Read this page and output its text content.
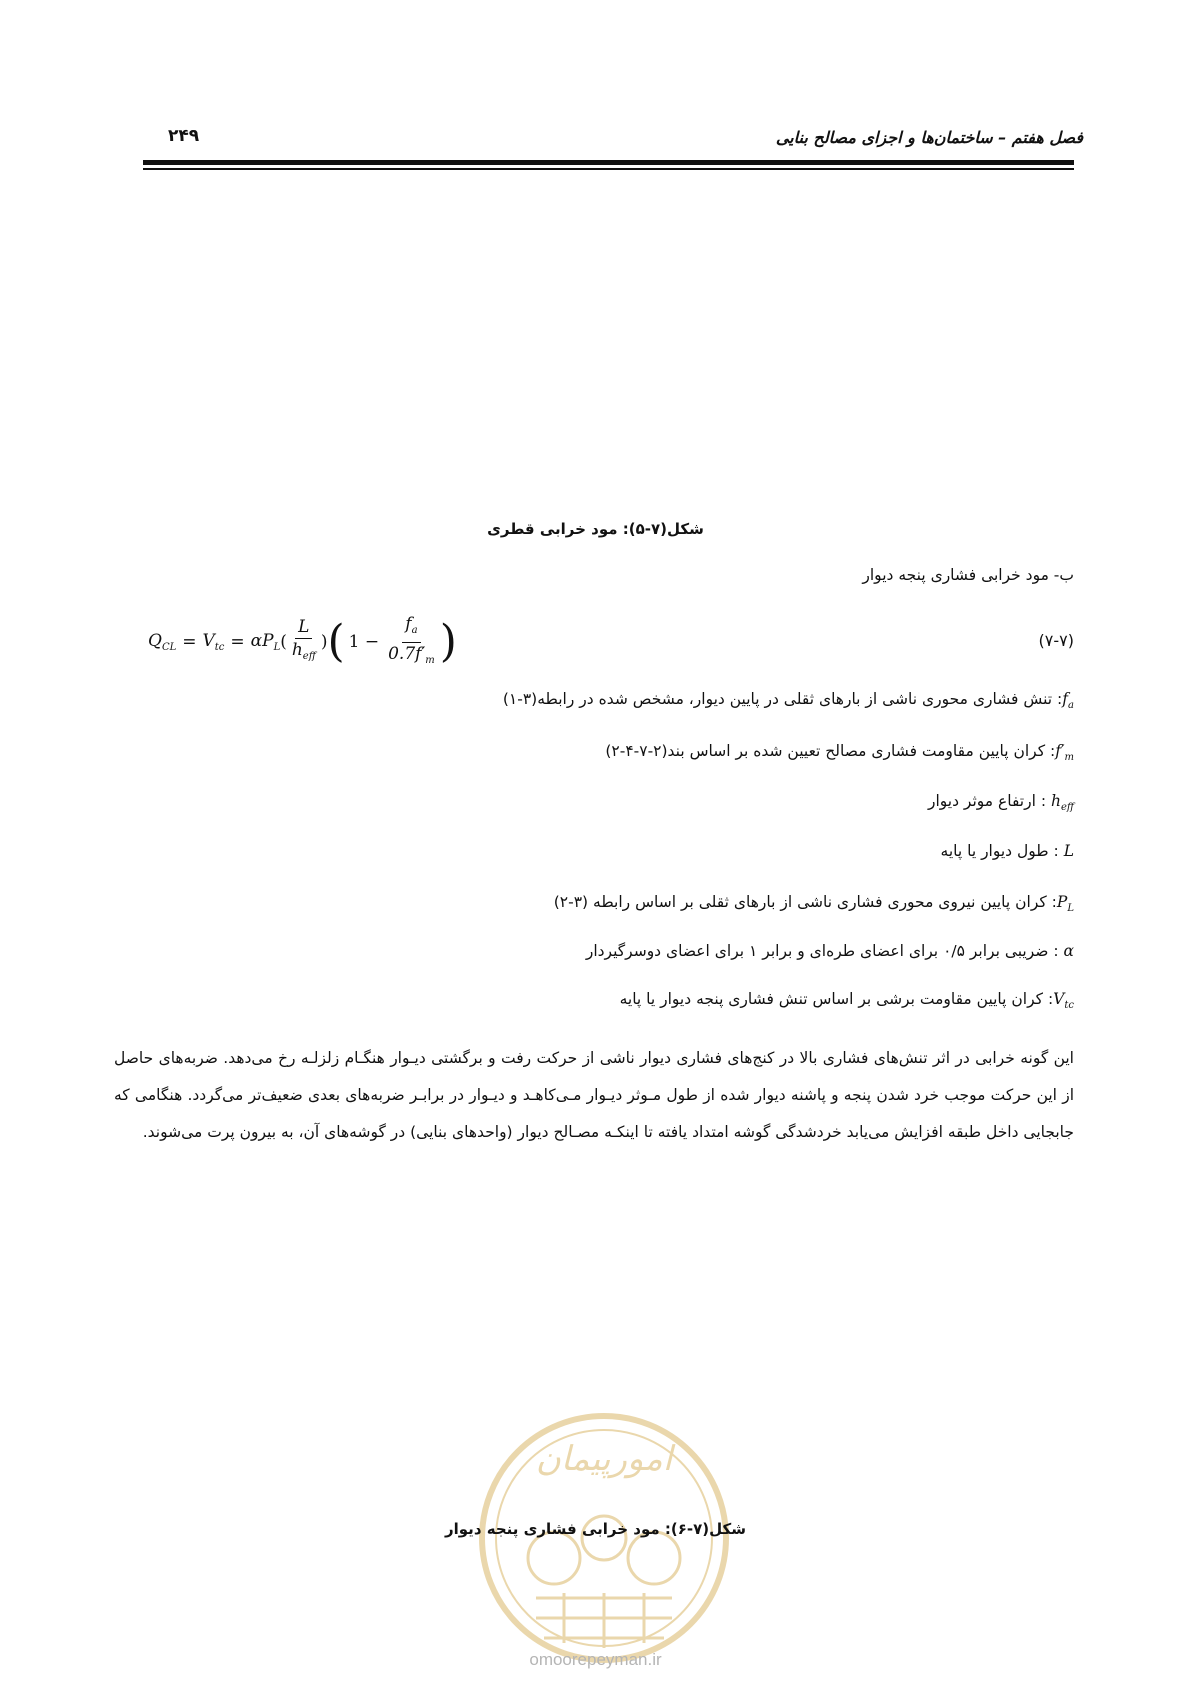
فصل هفتم – ساختمان‌ها و اجزای مصالح بنایی
۲۴۹
شکل(۷-۵): مود خرابی قطری
ب- مود خرابی فشاری پنجه دیوار
(۷-۷)
$Q_{CL} = V_{tc} = \alpha P_L$ ( $\frac{L}{h_{eff}}$ ) ( $1 - \frac{f_a}{0.7f'_m}$ )
$f_a$: تنش فشاری محوری ناشی از بارهای ثقلی در پایین دیوار، مشخص شده در رابطه(۳-۱)
$f'_m$: کران پایین مقاومت فشاری مصالح تعیین شده بر اساس بند(۲-۷-۴-۲)
$h_{eff}$ : ارتفاع موثر دیوار
L : طول دیوار یا پایه
$P_L$: کران پایین نیروی محوری فشاری ناشی از بارهای ثقلی بر اساس رابطه (۳-۲)
α : ضریبی برابر ۰/۵ برای اعضای طره‌ای و برابر ۱ برای اعضای دوسرگیردار
$V_{tc}$: کران پایین مقاومت برشی بر اساس تنش فشاری پنجه دیوار یا پایه
این گونه خرابی در اثر تنش‌های فشاری بالا در کنج‌های فشاری دیوار ناشی از حرکت رفت و برگشتی دیـوار هنگـام زلزلـه رخ می‌دهد. ضربه‌های حاصل از این حرکت موجب خرد شدن پنجه و پاشنه دیوار شده از طول مـوثر دیـوار مـی‌کاهـد و دیـوار در برابـر ضربه‌های بعدی ضعیف‌تر می‌گردد. هنگامی که جابجایی داخل طبقه افزایش می‌یابد خردشدگی گوشه امتداد یافته تا اینکـه مصـالح دیوار (واحدهای بنایی) در گوشه‌های آن، به بیرون پرت می‌شوند.
امورپیمان
شکل(۷-۶): مود خرابی فشاری پنجه دیوار
omoorepeyman.ir
